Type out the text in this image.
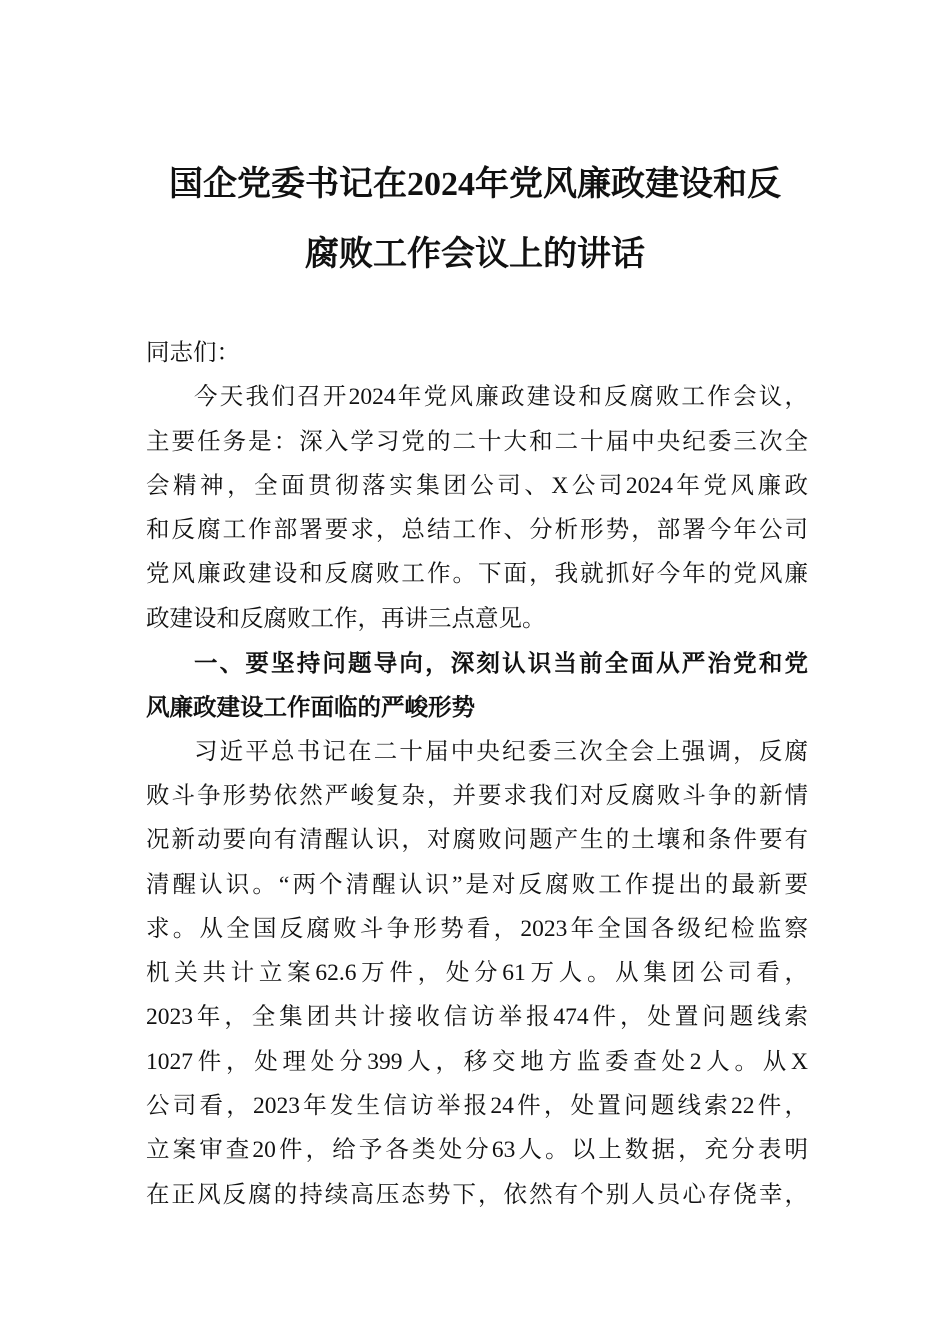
国企党委书记在2024年党风廉政建设和反
腐败工作会议上的讲话
同志们：
今天我们召开2024年党风廉政建设和反腐败工作会议，
主要任务是：深入学习党的二十大和二十届中央纪委三次全
会精神，全面贯彻落实集团公司、X公司2024年党风廉政
和反腐工作部署要求，总结工作、分析形势，部署今年公司
党风廉政建设和反腐败工作。下面，我就抓好今年的党风廉
政建设和反腐败工作，再讲三点意见。
一、要坚持问题导向，深刻认识当前全面从严治党和党
风廉政建设工作面临的严峻形势
习近平总书记在二十届中央纪委三次全会上强调，反腐
败斗争形势依然严峻复杂，并要求我们对反腐败斗争的新情
况新动要向有清醒认识，对腐败问题产生的土壤和条件要有
清醒认识。“两个清醒认识”是对反腐败工作提出的最新要
求。从全国反腐败斗争形势看，2023年全国各级纪检监察
机关共计立案62.6万件，处分61万人。从集团公司看，
2023年，全集团共计接收信访举报474件，处置问题线索
1027件，处理处分399人，移交地方监委查处2人。从X
公司看，2023年发生信访举报24件，处置问题线索22件，
立案审查20件，给予各类处分63人。以上数据，充分表明
在正风反腐的持续高压态势下，依然有个别人员心存侥幸，
